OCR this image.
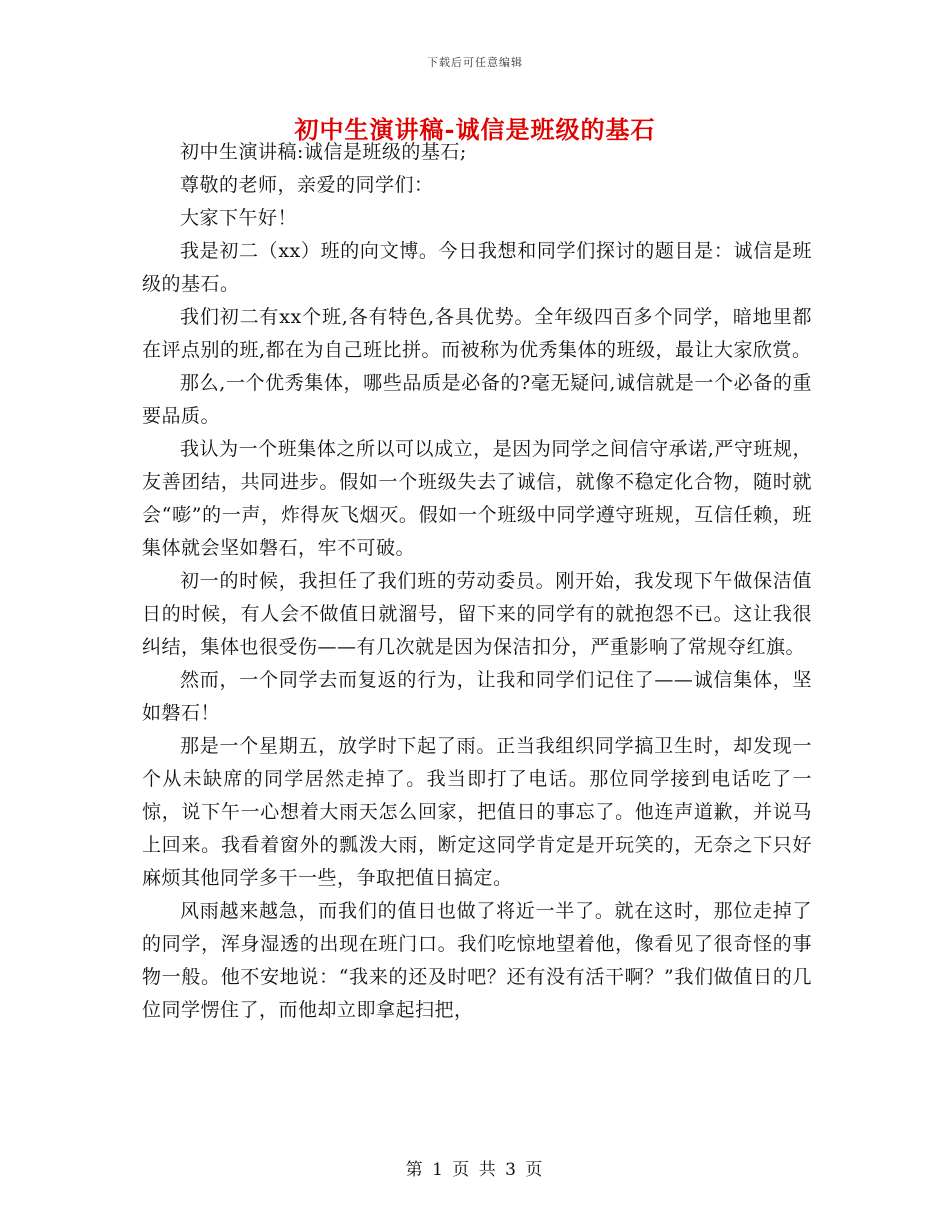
下载后可任意编辑
初中生演讲稿-诚信是班级的基石

初中生演讲稿:诚信是班级的基石;

尊敬的老师，亲爱的同学们：

大家下午好！

我是初二（xx）班的向文博。今日我想和同学们探讨的题目是：诚信是班级的基石。

我们初二有xx个班,各有特色,各具优势。全年级四百多个同学，暗地里都在评点别的班,都在为自己班比拼。而被称为优秀集体的班级，最让大家欣赏。

那么,一个优秀集体，哪些品质是必备的?毫无疑问,诚信就是一个必备的重要品质。

我认为一个班集体之所以可以成立，是因为同学之间信守承诺,严守班规，友善团结，共同进步。假如一个班级失去了诚信，就像不稳定化合物，随时就会“嘭”的一声，炸得灰飞烟灭。假如一个班级中同学遵守班规，互信任赖，班集体就会坚如磐石，牢不可破。

初一的时候，我担任了我们班的劳动委员。刚开始，我发现下午做保洁值日的时候，有人会不做值日就溜号，留下来的同学有的就抱怨不已。这让我很纠结，集体也很受伤——有几次就是因为保洁扣分，严重影响了常规夺红旗。

然而，一个同学去而复返的行为，让我和同学们记住了——诚信集体，坚如磐石！

那是一个星期五，放学时下起了雨。正当我组织同学搞卫生时，却发现一个从未缺席的同学居然走掉了。我当即打了电话。那位同学接到电话吃了一惊，说下午一心想着大雨天怎么回家，把值日的事忘了。他连声道歉，并说马上回来。我看着窗外的瓢泼大雨，断定这同学肯定是开玩笑的，无奈之下只好麻烦其他同学多干一些，争取把值日搞定。

风雨越来越急，而我们的值日也做了将近一半了。就在这时，那位走掉了的同学，浑身湿透的出现在班门口。我们吃惊地望着他，像看见了很奇怪的事物一般。他不安地说：“我来的还及时吧？还有没有活干啊？”我们做值日的几位同学愣住了，而他却立即拿起扫把，

第 1 页 共 3 页
